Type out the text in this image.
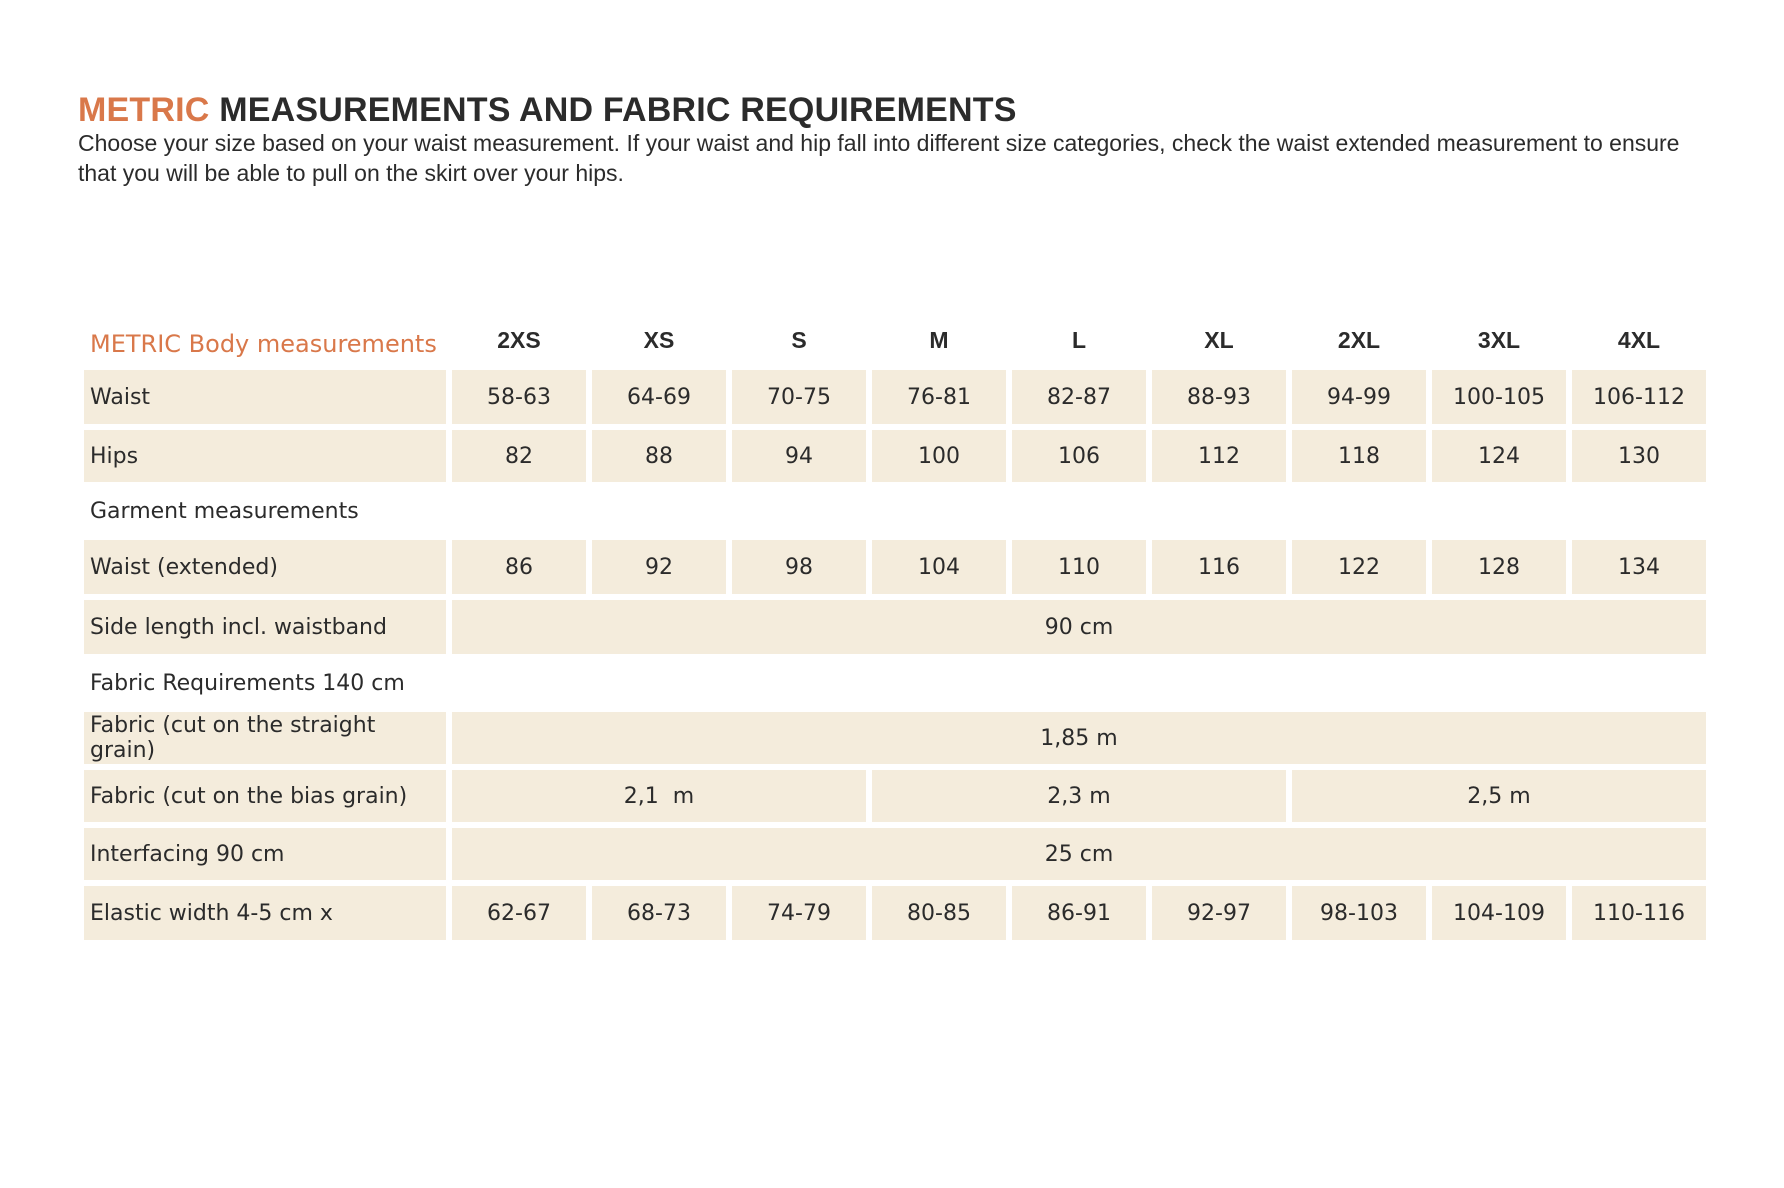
METRIC MEASUREMENTS AND FABRIC REQUIREMENTS

Choose your size based on your waist measurement. If your waist and hip fall into different size categories, check the waist extended measurement to ensure that you will be able to pull on the skirt over your hips.

METRIC Body measurements	2XS	XS	S	M	L	XL	2XL	3XL	4XL
Waist	58-63	64-69	70-75	76-81	82-87	88-93	94-99	100-105	106-112
Hips	82	88	94	100	106	112	118	124	130
Garment measurements
Waist (extended)	86	92	98	104	110	116	122	128	134
Side length incl. waistband	90 cm
Fabric Requirements 140 cm
Fabric (cut on the straight grain)	1,85 m
Fabric (cut on the bias grain)	2,1  m	2,3 m	2,5 m
Interfacing 90 cm	25 cm
Elastic width 4-5 cm x	62-67	68-73	74-79	80-85	86-91	92-97	98-103	104-109	110-116
